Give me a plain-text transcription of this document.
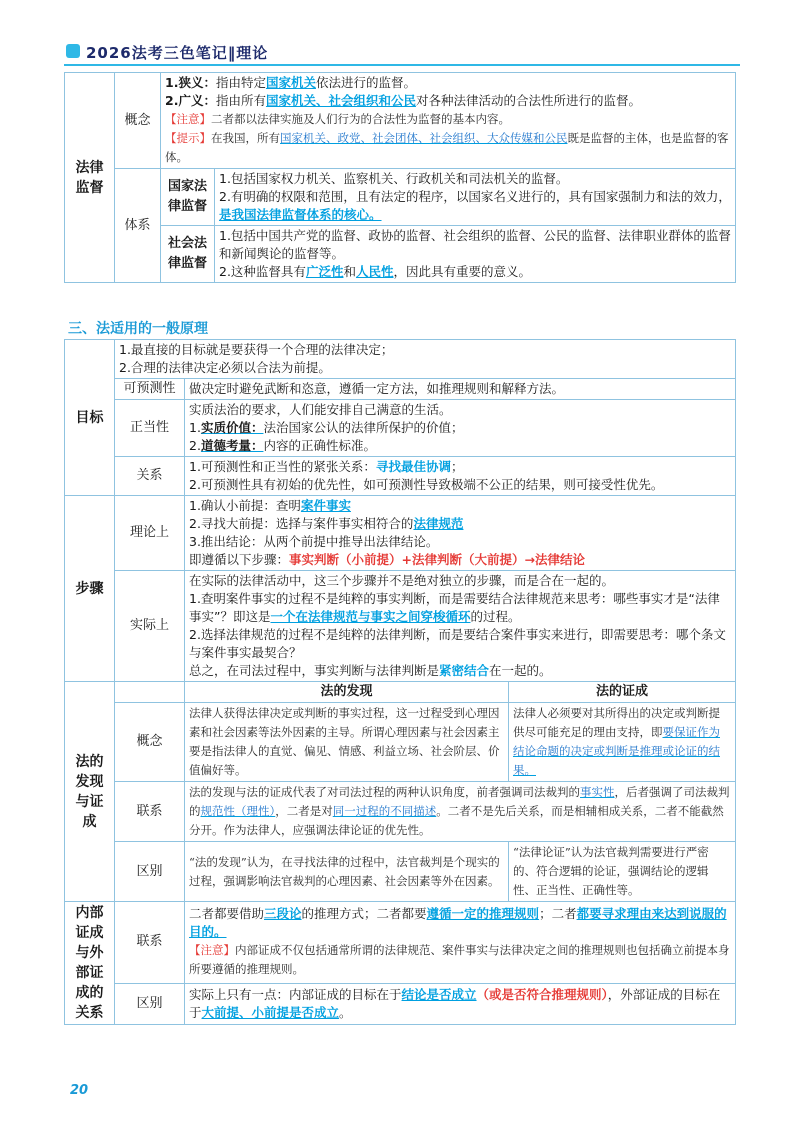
2026法考三色笔记‖理论
法律监督	概念	1.狭义：指由特定国家机关依法进行的监督。
2.广义：指由所有国家机关、社会组织和公民对各种法律活动的合法性所进行的监督。
【注意】二者都以法律实施及人们行为的合法性为监督的基本内容。
【提示】在我国，所有国家机关、政党、社会团体、社会组织、大众传媒和公民既是监督的主体，也是监督的客体。	

	体系	国家法律监督	1.包括国家权力机关、监察机关、行政机关和司法机关的监督。
2.有明确的权限和范围，且有法定的程序，以国家名义进行的，具有国家强制力和法的效力，是我国法律监督体系的核心。

		社会法律监督	1.包括中国共产党的监督、政协的监督、社会组织的监督、公民的监督、法律职业群体的监督和新闻舆论的监督等。
2.这种监督具有广泛性和人民性，因此具有重要的意义。
三、法适用的一般原理
目标	1.最直接的目标就是要获得一个合理的法律决定；
2.合理的法律决定必须以合法为前提。		

	可预测性	做决定时避免武断和恣意，遵循一定方法，如推理规则和解释方法。	
	正当性	实质法治的要求，人们能安排自己满意的生活。
1.实质价值：法治国家公认的法律所保护的价值；
2.道德考量：内容的正确性标准。	

	关系	1.可预测性和正当性的紧张关系：寻找最佳协调；
2.可预测性具有初始的优先性，如可预测性导致极端不公正的结果，则可接受性优先。	

步骤	理论上	1.确认小前提：查明案件事实
2.寻找大前提：选择与案件事实相符合的法律规范
3.推出结论：从两个前提中推导出法律结论。
即遵循以下步骤：事实判断（小前提）+法律判断（大前提）→法律结论	

	实际上	在实际的法律活动中，这三个步骤并不是绝对独立的步骤，而是合在一起的。
1.查明案件事实的过程不是纯粹的事实判断，而是需要结合法律规范来思考：哪些事实才是“法律事实”？即这是一个在法律规范与事实之间穿梭循环的过程。
2.选择法律规范的过程不是纯粹的法律判断，而是要结合案件事实来进行，即需要思考：哪个条文与案件事实最契合？
总之，在司法过程中，事实判断与法律判断是紧密结合在一起的。	

法的发现与证成		法的发现	法的证成
	概念	法律人获得法律决定或判断的事实过程，这一过程受到心理因素和社会因素等法外因素的主导。所谓心理因素与社会因素主要是指法律人的直觉、偏见、情感、利益立场、社会阶层、价值偏好等。	法律人必须要对其所得出的决定或判断提供尽可能充足的理由支持，即要保证作为结论命题的决定或判断是推理或论证的结果。
	联系	法的发现与法的证成代表了对司法过程的两种认识角度，前者强调司法裁判的事实性，后者强调了司法裁判的规范性（理性），二者是对同一过程的不同描述。二者不是先后关系，而是相辅相成关系，二者不能截然分开。作为法律人，应强调法律论证的优先性。	
	区别	“法的发现”认为，在寻找法律的过程中，法官裁判是个现实的过程，强调影响法官裁判的心理因素、社会因素等外在因素。	“法律论证”认为法官裁判需要进行严密的、符合逻辑的论证，强调结论的逻辑性、正当性、正确性等。
内部证成与外部证成的关系	联系	二者都要借助三段论的推理方式；二者都要遵循一定的推理规则；二者都要寻求理由来达到说服的目的。
【注意】内部证成不仅包括通常所谓的法律规范、案件事实与法律决定之间的推理规则也包括确立前提本身所要遵循的推理规则。	

	区别	实际上只有一点：内部证成的目标在于结论是否成立（或是否符合推理规则），外部证成的目标在于大前提、小前提是否成立。	
20
